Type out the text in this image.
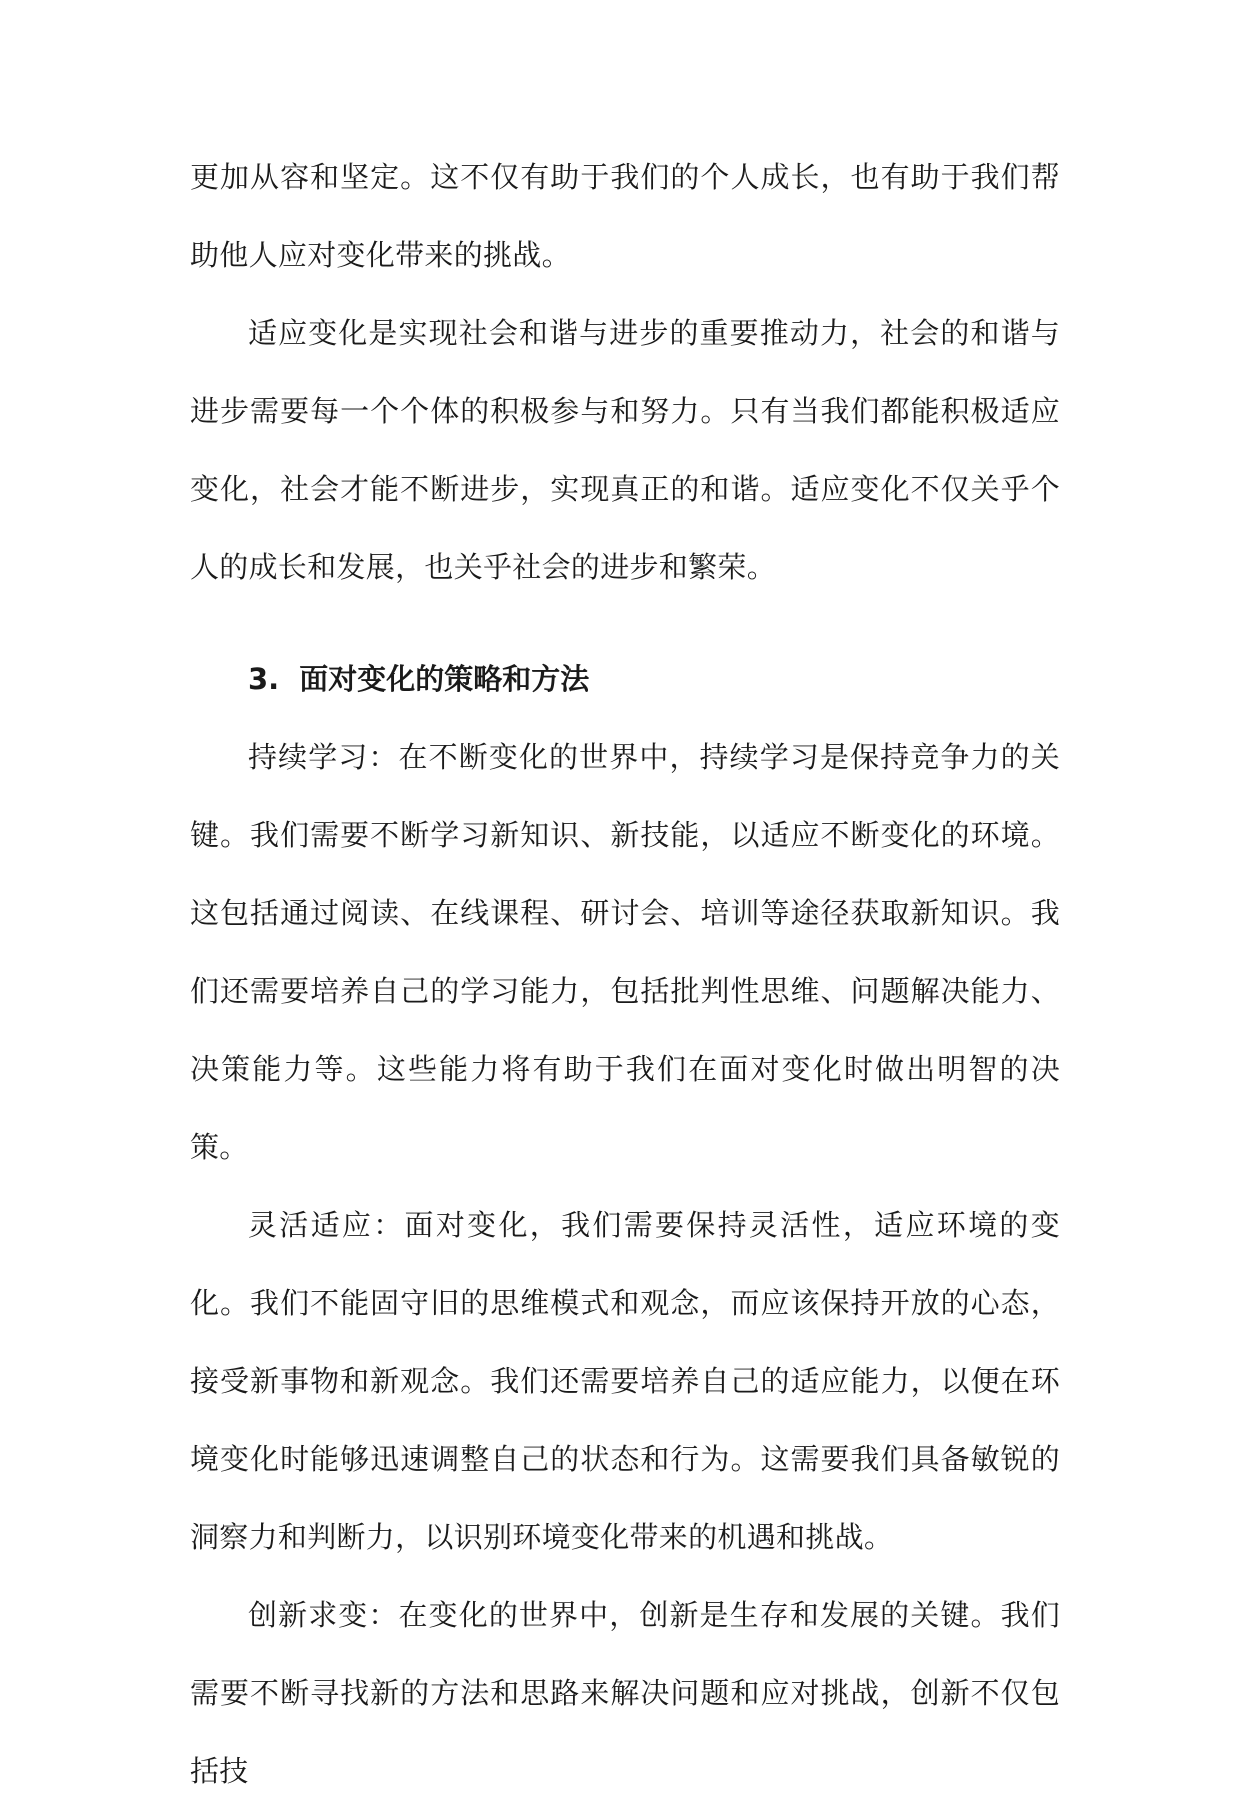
更加从容和坚定。这不仅有助于我们的个人成长，也有助于我们帮助他人应对变化带来的挑战。

适应变化是实现社会和谐与进步的重要推动力，社会的和谐与进步需要每一个个体的积极参与和努力。只有当我们都能积极适应变化，社会才能不断进步，实现真正的和谐。适应变化不仅关乎个人的成长和发展，也关乎社会的进步和繁荣。

3. 面对变化的策略和方法

持续学习：在不断变化的世界中，持续学习是保持竞争力的关键。我们需要不断学习新知识、新技能，以适应不断变化的环境。这包括通过阅读、在线课程、研讨会、培训等途径获取新知识。我们还需要培养自己的学习能力，包括批判性思维、问题解决能力、决策能力等。这些能力将有助于我们在面对变化时做出明智的决策。

灵活适应：面对变化，我们需要保持灵活性，适应环境的变化。我们不能固守旧的思维模式和观念，而应该保持开放的心态，接受新事物和新观念。我们还需要培养自己的适应能力，以便在环境变化时能够迅速调整自己的状态和行为。这需要我们具备敏锐的洞察力和判断力，以识别环境变化带来的机遇和挑战。

创新求变：在变化的世界中，创新是生存和发展的关键。我们需要不断寻找新的方法和思路来解决问题和应对挑战，创新不仅包括技
